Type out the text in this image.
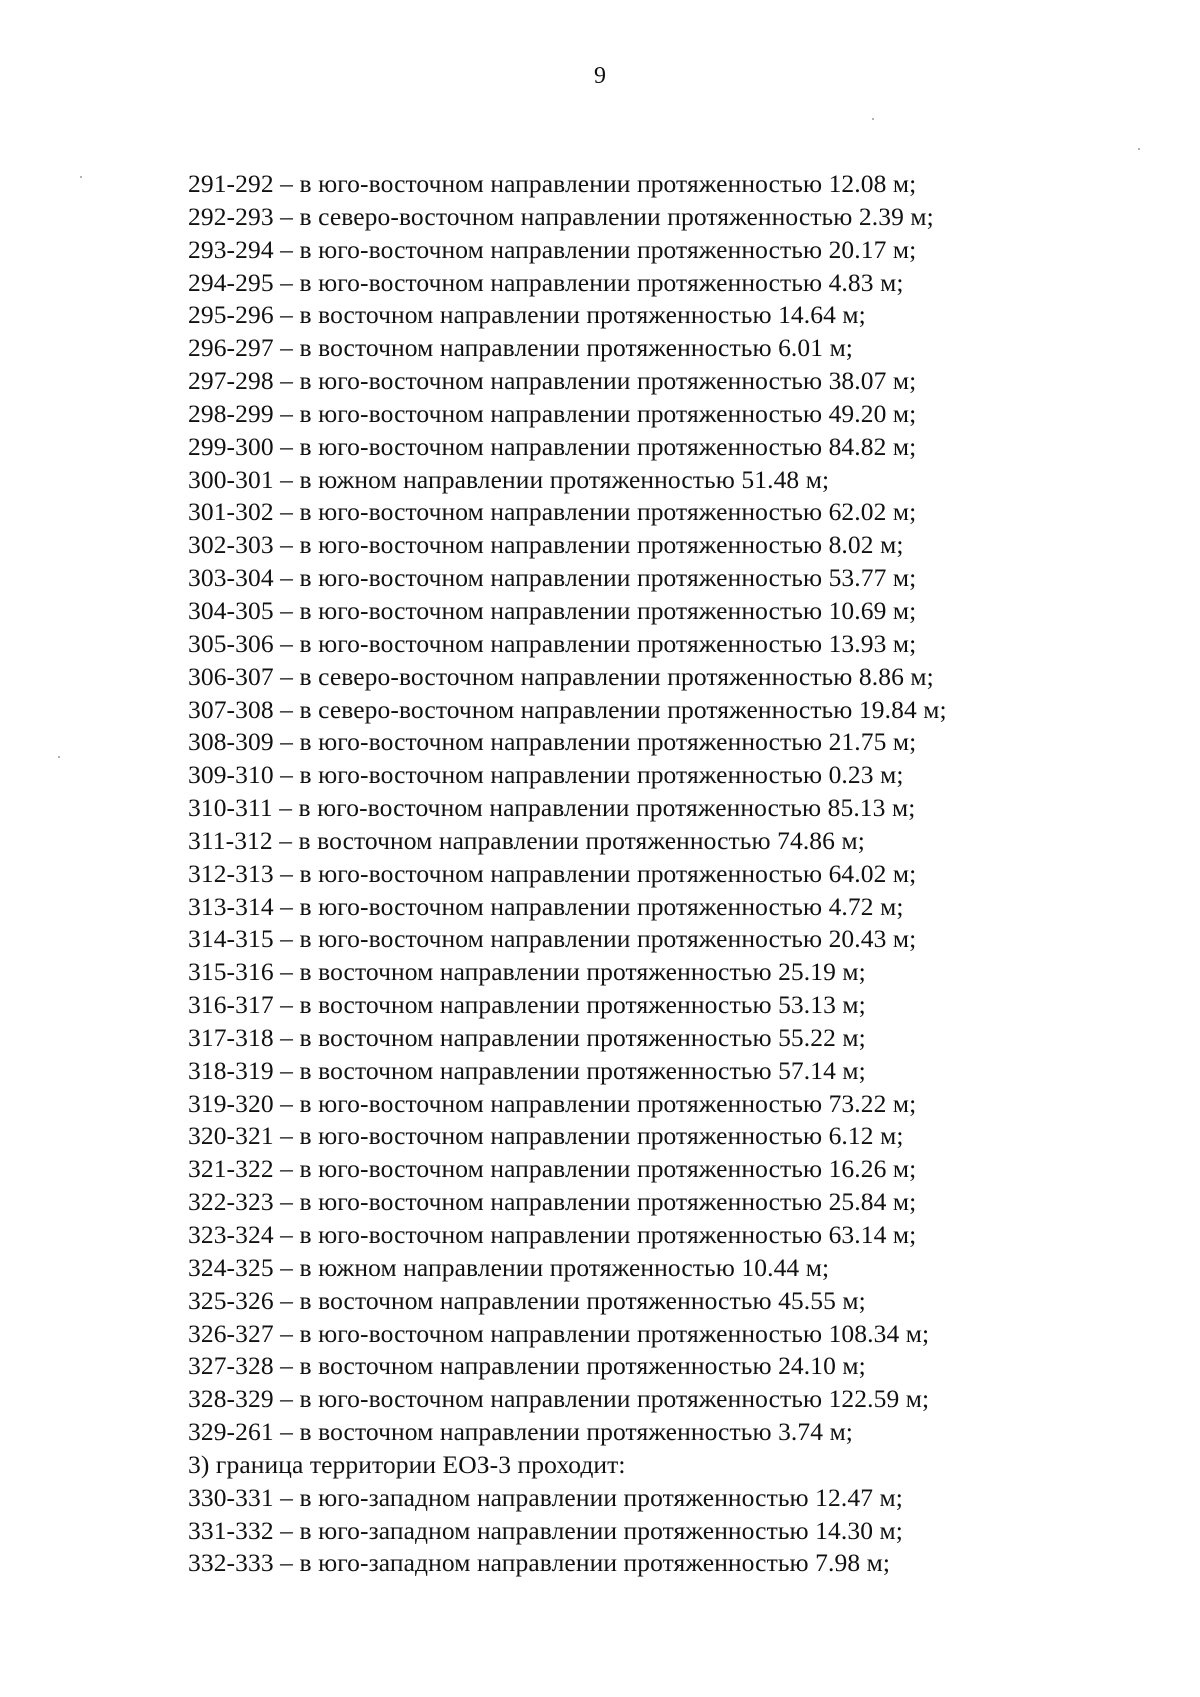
9
291-292 – в юго-восточном направлении протяженностью 12.08 м;
292-293 – в северо-восточном направлении протяженностью 2.39 м;
293-294 – в юго-восточном направлении протяженностью 20.17 м;
294-295 – в юго-восточном направлении протяженностью 4.83 м;
295-296 – в восточном направлении протяженностью 14.64 м;
296-297 – в восточном направлении протяженностью 6.01 м;
297-298 – в юго-восточном направлении протяженностью 38.07 м;
298-299 – в юго-восточном направлении протяженностью 49.20 м;
299-300 – в юго-восточном направлении протяженностью 84.82 м;
300-301 – в южном направлении протяженностью 51.48 м;
301-302 – в юго-восточном направлении протяженностью 62.02 м;
302-303 – в юго-восточном направлении протяженностью 8.02 м;
303-304 – в юго-восточном направлении протяженностью 53.77 м;
304-305 – в юго-восточном направлении протяженностью 10.69 м;
305-306 – в юго-восточном направлении протяженностью 13.93 м;
306-307 – в северо-восточном направлении протяженностью 8.86 м;
307-308 – в северо-восточном направлении протяженностью 19.84 м;
308-309 – в юго-восточном направлении протяженностью 21.75 м;
309-310 – в юго-восточном направлении протяженностью 0.23 м;
310-311 – в юго-восточном направлении протяженностью 85.13 м;
311-312 – в восточном направлении протяженностью 74.86 м;
312-313 – в юго-восточном направлении протяженностью 64.02 м;
313-314 – в юго-восточном направлении протяженностью 4.72 м;
314-315 – в юго-восточном направлении протяженностью 20.43 м;
315-316 – в восточном направлении протяженностью 25.19 м;
316-317 – в восточном направлении протяженностью 53.13 м;
317-318 – в восточном направлении протяженностью 55.22 м;
318-319 – в восточном направлении протяженностью 57.14 м;
319-320 – в юго-восточном направлении протяженностью 73.22 м;
320-321 – в юго-восточном направлении протяженностью 6.12 м;
321-322 – в юго-восточном направлении протяженностью 16.26 м;
322-323 – в юго-восточном направлении протяженностью 25.84 м;
323-324 – в юго-восточном направлении протяженностью 63.14 м;
324-325 – в южном направлении протяженностью 10.44 м;
325-326 – в восточном направлении протяженностью 45.55 м;
326-327 – в юго-восточном направлении протяженностью 108.34 м;
327-328 – в восточном направлении протяженностью 24.10 м;
328-329 – в юго-восточном направлении протяженностью 122.59 м;
329-261 – в восточном направлении протяженностью 3.74 м;
3) граница территории ЕОЗ-3 проходит:
330-331 – в юго-западном направлении протяженностью 12.47 м;
331-332 – в юго-западном направлении протяженностью 14.30 м;
332-333 – в юго-западном направлении протяженностью 7.98 м;
